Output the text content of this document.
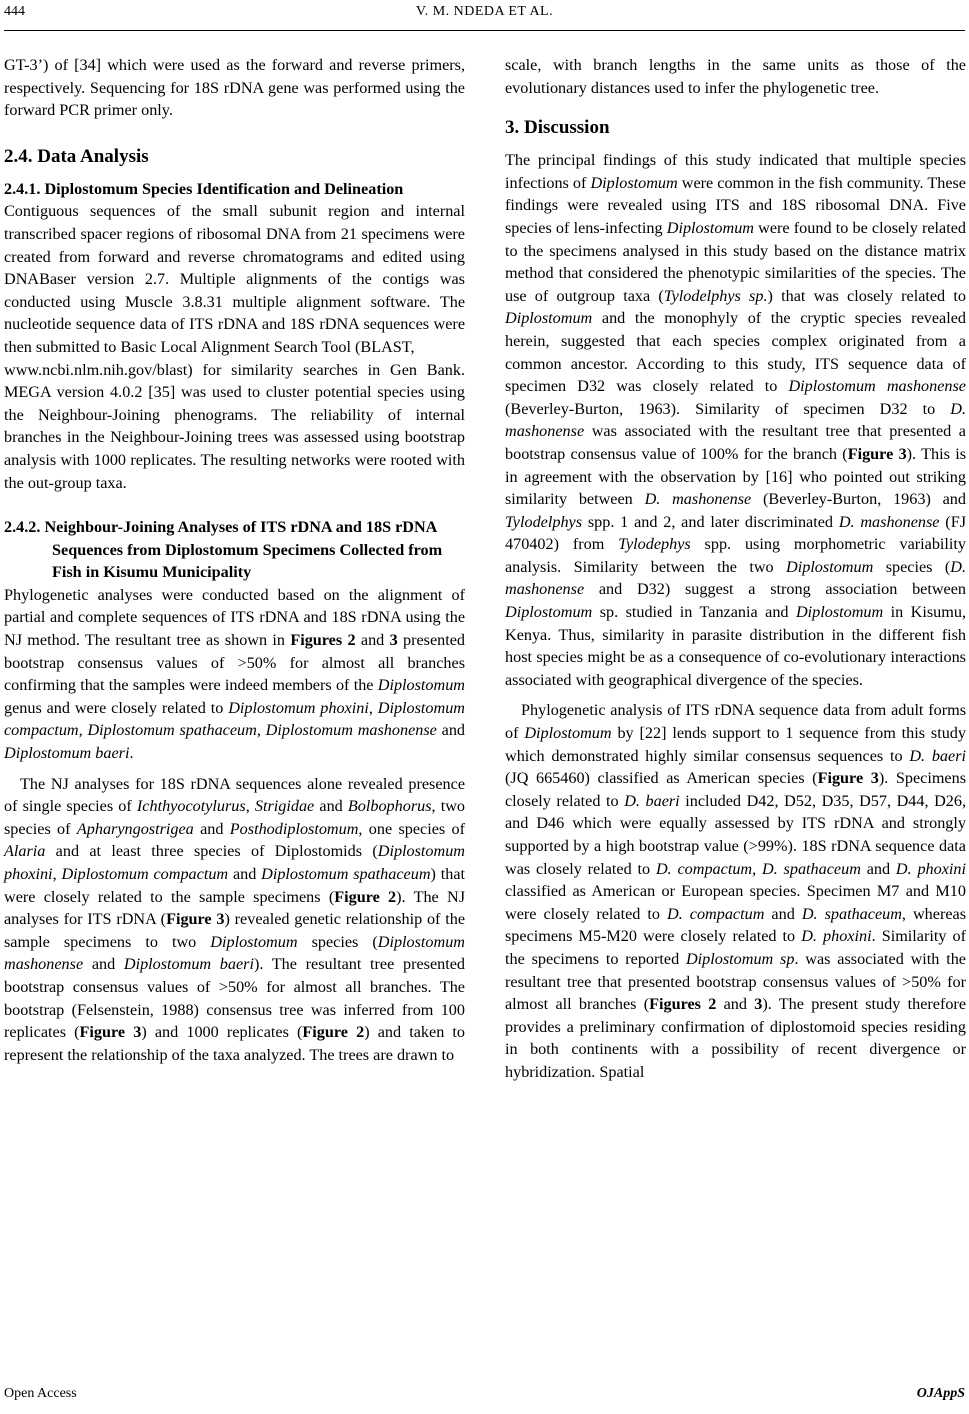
444	V. M. NDEDA ET AL.

GT-3’) of [34] which were used as the forward and reverse primers, respectively. Sequencing for 18S rDNA gene was performed using the forward PCR primer only.

2.4. Data Analysis
2.4.1. Diplostomum Species Identification and Delineation

Contiguous sequences of the small subunit region and internal transcribed spacer regions of ribosomal DNA from 21 specimens were created from forward and reverse chromatograms and edited using DNABaser version 2.7. Multiple alignments of the contigs was conducted using Muscle 3.8.31 multiple alignment software. The nucleotide sequence data of ITS rDNA and 18S rDNA sequences were then submitted to Basic Local Alignment Search Tool (BLAST,

www.ncbi.nlm.nih.gov/blast) for similarity searches in Gen Bank. MEGA version 4.0.2 [35] was used to cluster potential species using the Neighbour-Joining phenograms. The reliability of internal branches in the Neighbour-Joining trees was assessed using bootstrap analysis with 1000 replicates. The resulting networks were rooted with the out-group taxa.

2.4.2. Neighbour-Joining Analyses of ITS rDNA and 18S rDNA Sequences from Diplostomum Specimens Collected from Fish in Kisumu Municipality

Phylogenetic analyses were conducted based on the alignment of partial and complete sequences of ITS rDNA and 18S rDNA using the NJ method. The resultant tree as shown in Figures 2 and 3 presented bootstrap consensus values of >50% for almost all branches confirming that the samples were indeed members of the Diplostomum genus and were closely related to Diplostomum phoxini, Diplostomum compactum, Diplostomum spathaceum, Diplostomum mashonense and Diplostomum baeri.

The NJ analyses for 18S rDNA sequences alone revealed presence of single species of Ichthyocotylurus, Strigidae and Bolbophorus, two species of Apharyngostrigea and Posthodiplostomum, one species of Alaria and at least three species of Diplostomids (Diplostomum phoxini, Diplostomum compactum and Diplostomum spathaceum) that were closely related to the sample specimens (Figure 2). The NJ analyses for ITS rDNA (Figure 3) revealed genetic relationship of the sample specimens to two Diplostomum species (Diplostomum mashonense and Diplostomum baeri). The resultant tree presented bootstrap consensus values of >50% for almost all branches. The bootstrap (Felsenstein, 1988) consensus tree was inferred from 100 replicates (Figure 3) and 1000 replicates (Figure 2) and taken to represent the relationship of the taxa analyzed. The trees are drawn to

scale, with branch lengths in the same units as those of the evolutionary distances used to infer the phylogenetic tree.

3. Discussion

The principal findings of this study indicated that multiple species infections of Diplostomum were common in the fish community. These findings were revealed using ITS and 18S ribosomal DNA. Five species of lens-infecting Diplostomum were found to be closely related to the specimens analysed in this study based on the distance matrix method that considered the phenotypic similarities of the species. The use of outgroup taxa (Tylodelphys sp.) that was closely related to Diplostomum and the monophyly of the cryptic species revealed herein, suggested that each species complex originated from a common ancestor. According to this study, ITS sequence data of specimen D32 was closely related to Diplostomum mashonense (Beverley-Burton, 1963). Similarity of specimen D32 to D. mashonense was associated with the resultant tree that presented a bootstrap consensus value of 100% for the branch (Figure 3). This is in agreement with the observation by [16] who pointed out striking similarity between D. mashonense (Beverley-Burton, 1963) and Tylodelphys spp. 1 and 2, and later discriminated D. mashonense (FJ 470402) from Tylodephys spp. using morphometric variability analysis. Similarity between the two Diplostomum species (D. mashonense and D32) suggest a strong association between Diplostomum sp. studied in Tanzania and Diplostomum in Kisumu, Kenya. Thus, similarity in parasite distribution in the different fish host species might be as a consequence of co-evolutionary interactions associated with geographical divergence of the species.

Phylogenetic analysis of ITS rDNA sequence data from adult forms of Diplostomum by [22] lends support to 1 sequence from this study which demonstrated highly similar consensus sequences to D. baeri (JQ 665460) classified as American species (Figure 3). Specimens closely related to D. baeri included D42, D52, D35, D57, D44, D26, and D46 which were equally assessed by ITS rDNA and strongly supported by a high bootstrap value (>99%). 18S rDNA sequence data was closely related to D. compactum, D. spathaceum and D. phoxini classified as American or European species. Specimen M7 and M10 were closely related to D. compactum and D. spathaceum, whereas specimens M5-M20 were closely related to D. phoxini. Similarity of the specimens to reported Diplostomum sp. was associated with the resultant tree that presented bootstrap consensus values of >50% for almost all branches (Figures 2 and 3). The present study therefore provides a preliminary confirmation of diplostomoid species residing in both continents with a possibility of recent divergence or hybridization. Spatial

Open Access	OJAppS
